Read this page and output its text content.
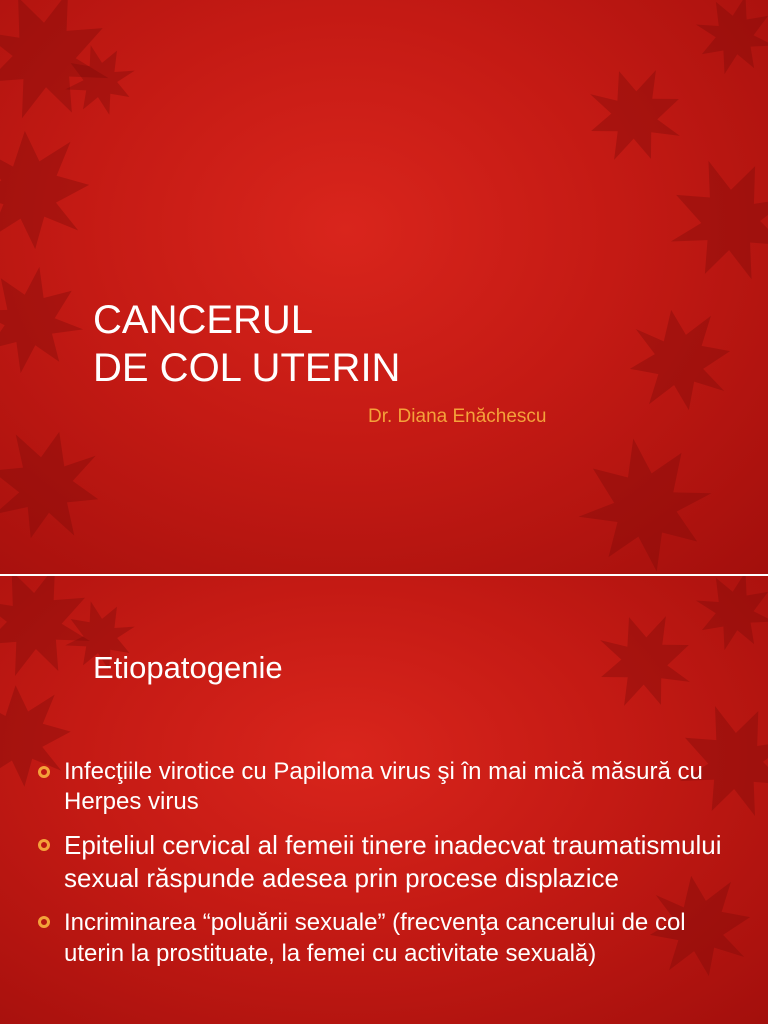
CANCERUL
DE COL UTERIN
Dr. Diana Enăchescu
Etiopatogenie
Infecţiile virotice cu Papiloma virus şi în mai mică măsură cu Herpes virus
Epiteliul cervical al femeii tinere inadecvat traumatismului sexual răspunde adesea prin procese displazice
Incriminarea “poluării sexuale” (frecvenţa cancerului de col uterin la prostituate, la femei cu activitate sexuală)
